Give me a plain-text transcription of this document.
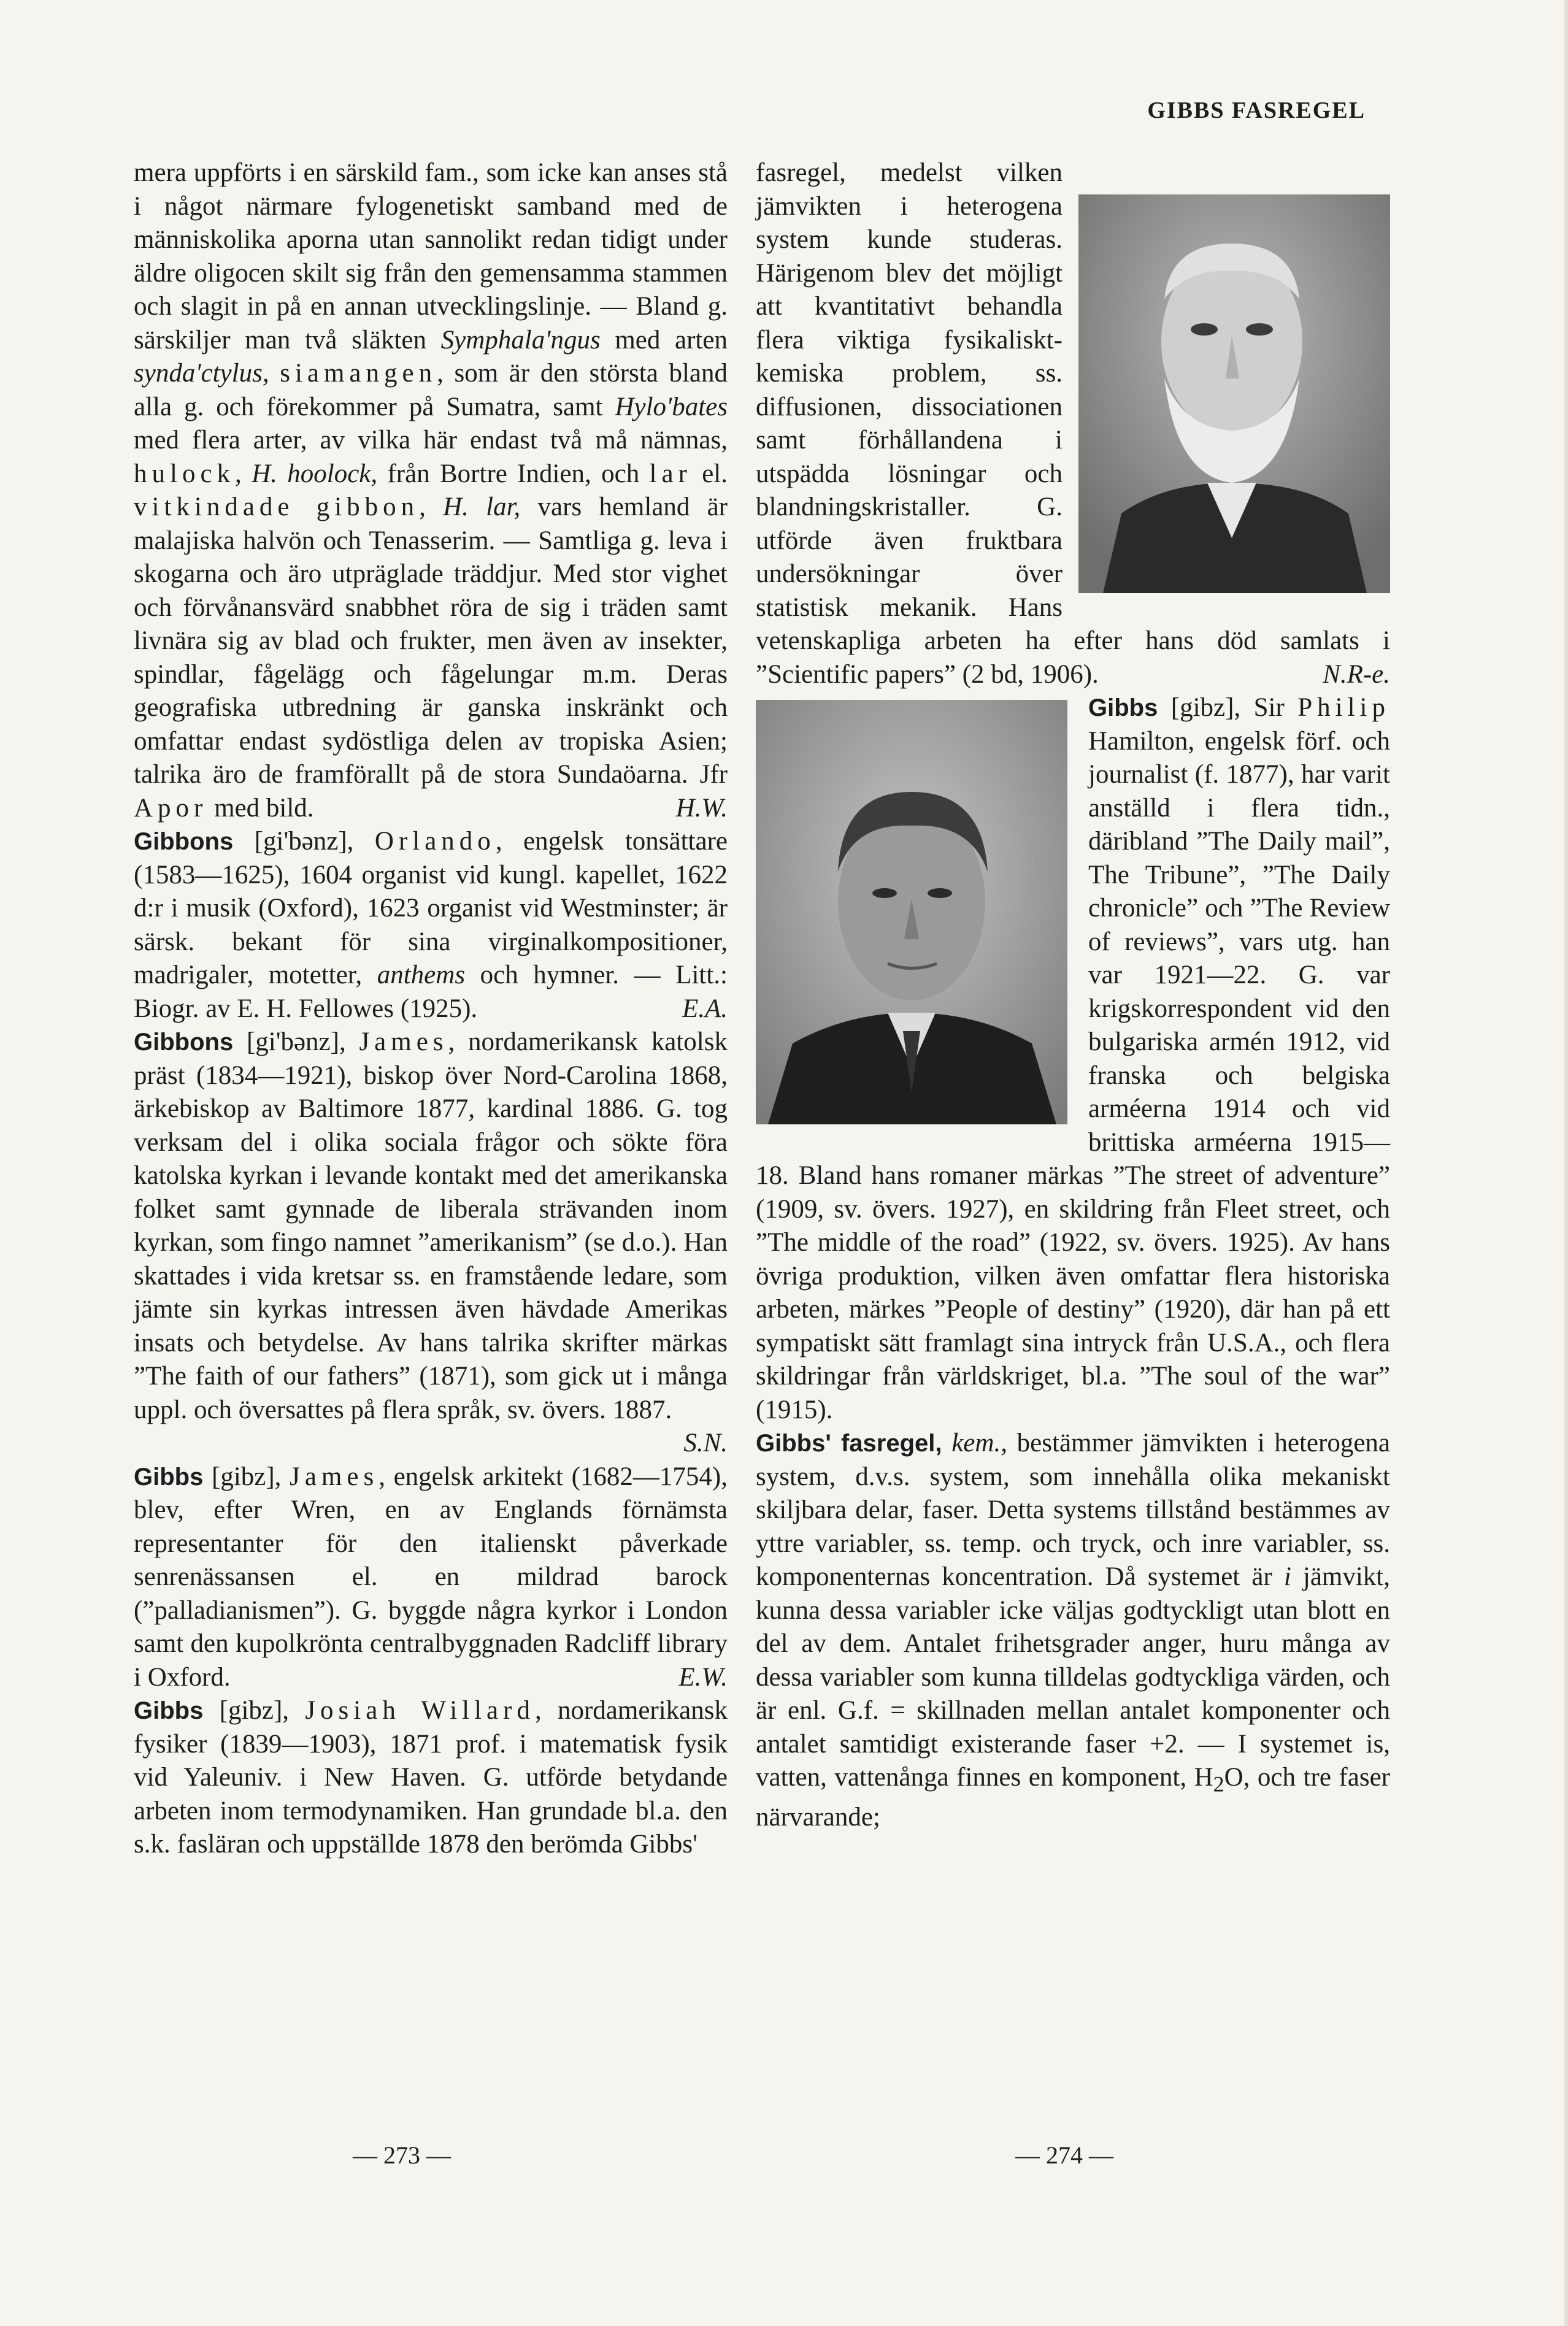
GIBBS FASREGEL

mera uppförts i en särskild fam., som icke kan anses stå i något närmare fylogenetiskt samband med de människolika aporna utan sannolikt redan tidigt under äldre oligocen skilt sig från den gemensamma stammen och slagit in på en annan utvecklingslinje. — Bland g. särskiljer man två släkten Symphala'ngus med arten synda'ctylus, siamangen, som är den största bland alla g. och förekommer på Sumatra, samt Hylo'bates med flera arter, av vilka här endast två må nämnas, hulock, H. hoolock, från Bortre Indien, och lar el. vitkindade gibbon, H. lar, vars hemland är malajiska halvön och Tenasserim. — Samtliga g. leva i skogarna och äro utpräglade träddjur. Med stor vighet och förvånansvärd snabbhet röra de sig i träden samt livnära sig av blad och frukter, men även av insekter, spindlar, fågelägg och fågelungar m.m. Deras geografiska utbredning är ganska inskränkt och omfattar endast sydöstliga delen av tropiska Asien; talrika äro de framförallt på de stora Sundaöarna. Jfr Apor med bild.	H.W.

Gibbons [gi'bənz], Orlando, engelsk tonsättare (1583—1625), 1604 organist vid kungl. kapellet, 1622 d:r i musik (Oxford), 1623 organist vid Westminster; är särsk. bekant för sina virginalkompositioner, madrigaler, motetter, anthems och hymner. — Litt.: Biogr. av E. H. Fellowes (1925).	E.A.

Gibbons [gi'bənz], James, nordamerikansk katolsk präst (1834—1921), biskop över Nord-Carolina 1868, ärkebiskop av Baltimore 1877, kardinal 1886. G. tog verksam del i olika sociala frågor och sökte föra katolska kyrkan i levande kontakt med det amerikanska folket samt gynnade de liberala strävanden inom kyrkan, som fingo namnet ”amerikanism” (se d.o.). Han skattades i vida kretsar ss. en framstående ledare, som jämte sin kyrkas intressen även hävdade Amerikas insats och betydelse. Av hans talrika skrifter märkas ”The faith of our fathers” (1871), som gick ut i många uppl. och översattes på flera språk, sv. övers. 1887.

S.N.

Gibbs [gibz], James, engelsk arkitekt (1682—1754), blev, efter Wren, en av Englands förnämsta representanter för den italienskt påverkade senrenässansen el. en mildrad barock (”palladianismen”). G. byggde några kyrkor i London samt den kupolkrönta centralbyggnaden Radcliff library i Oxford.	E.W.

Gibbs [gibz], Josiah Willard, nordamerikansk fysiker (1839—1903), 1871 prof. i matematisk fysik vid Yaleuniv. i New Haven. G. utförde betydande arbeten inom termodynamiken. Han grundade bl.a. den s.k. fasläran och uppställde 1878 den berömda Gibbs'

fasregel, medelst vilken jämvikten i heterogena system kunde studeras. Härigenom blev det möjligt att kvantitativt behandla flera viktiga fysikaliskt-kemiska problem, ss. diffusionen, dissociationen samt förhållandena i utspädda lösningar och blandningskristaller. G. utförde även fruktbara undersökningar över statistisk mekanik. Hans vetenskapliga arbeten ha efter hans död samlats i ”Scientific papers” (2 bd, 1906).	N.R-e.

Gibbs [gibz], Sir Philip
Hamilton, engelsk förf. och journalist (f. 1877), har varit anställd i flera tidn., däribland ”The Daily mail”, The Tribune”, ”The Daily chronicle” och ”The Review of reviews”, vars utg. han var 1921—22. G. var krigskorrespondent vid den bulgariska armén 1912, vid franska och belgiska arméerna 1914 och vid brittiska arméerna 1915—18. Bland hans romaner märkas ”The street of adventure” (1909, sv. övers. 1927), en skildring från Fleet street, och ”The middle of the road” (1922, sv. övers. 1925). Av hans övriga produktion, vilken även omfattar flera historiska arbeten, märkes ”People of destiny” (1920), där han på ett sympatiskt sätt framlagt sina intryck från U.S.A., och flera skildringar från världskriget, bl.a. ”The soul of the war” (1915).

Gibbs' fasregel, kem., bestämmer jämvikten i heterogena system, d.v.s. system, som innehålla olika mekaniskt skiljbara delar, faser. Detta systems tillstånd bestämmes av yttre variabler, ss. temp. och tryck, och inre variabler, ss. komponenternas koncentration. Då systemet är i jämvikt, kunna dessa variabler icke väljas godtyckligt utan blott en del av dem. Antalet frihetsgrader anger, huru många av dessa variabler som kunna tilldelas godtyckliga värden, och är enl. G.f. = skillnaden mellan antalet komponenter och antalet samtidigt existerande faser +2. — I systemet is, vatten, vattenånga finnes en komponent, $H_2O$, och tre faser närvarande;

— 273 —	— 274 —
